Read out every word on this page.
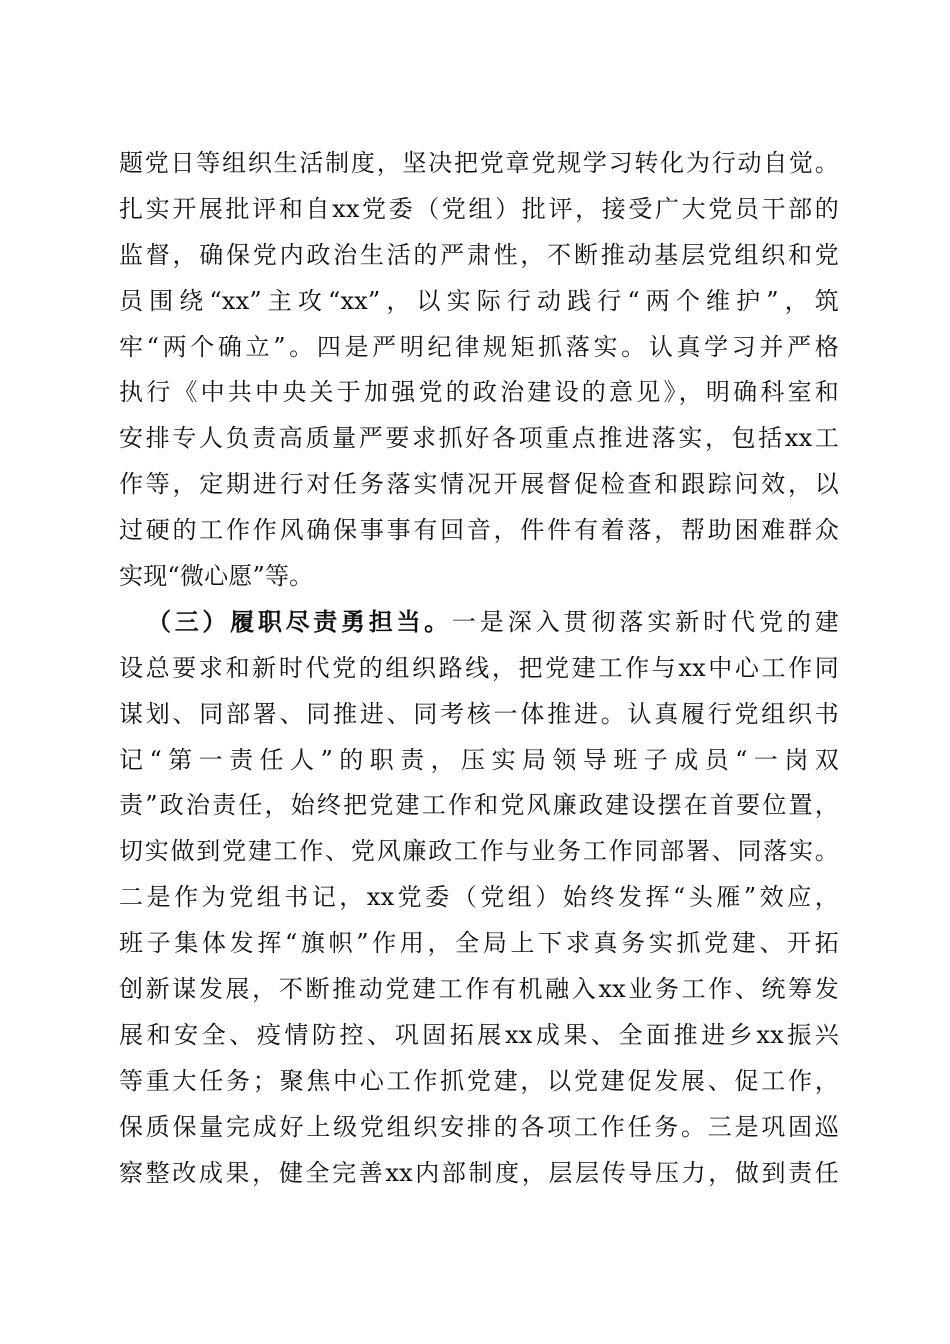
题党日等组织生活制度，坚决把党章党规学习转化为行动自觉。
扎实开展批评和自xx党委（党组）批评，接受广大党员干部的
监督，确保党内政治生活的严肃性，不断推动基层党组织和党
员围绕“xx”主攻“xx”，以实际行动践行“两个维护”，筑
牢“两个确立”。四是严明纪律规矩抓落实。认真学习并严格
执行《中共中央关于加强党的政治建设的意见》，明确科室和
安排专人负责高质量严要求抓好各项重点推进落实，包括xx工
作等，定期进行对任务落实情况开展督促检查和跟踪问效，以
过硬的工作作风确保事事有回音，件件有着落，帮助困难群众
实现“微心愿”等。
（三）履职尽责勇担当。一是深入贯彻落实新时代党的建
设总要求和新时代党的组织路线，把党建工作与xx中心工作同
谋划、同部署、同推进、同考核一体推进。认真履行党组织书
记“第一责任人”的职责，压实局领导班子成员“一岗双
责”政治责任，始终把党建工作和党风廉政建设摆在首要位置，
切实做到党建工作、党风廉政工作与业务工作同部署、同落实。
二是作为党组书记，xx党委（党组）始终发挥“头雁”效应，
班子集体发挥“旗帜”作用，全局上下求真务实抓党建、开拓
创新谋发展，不断推动党建工作有机融入xx业务工作、统筹发
展和安全、疫情防控、巩固拓展xx成果、全面推进乡xx振兴
等重大任务；聚焦中心工作抓党建，以党建促发展、促工作，
保质保量完成好上级党组织安排的各项工作任务。三是巩固巡
察整改成果，健全完善xx内部制度，层层传导压力，做到责任
